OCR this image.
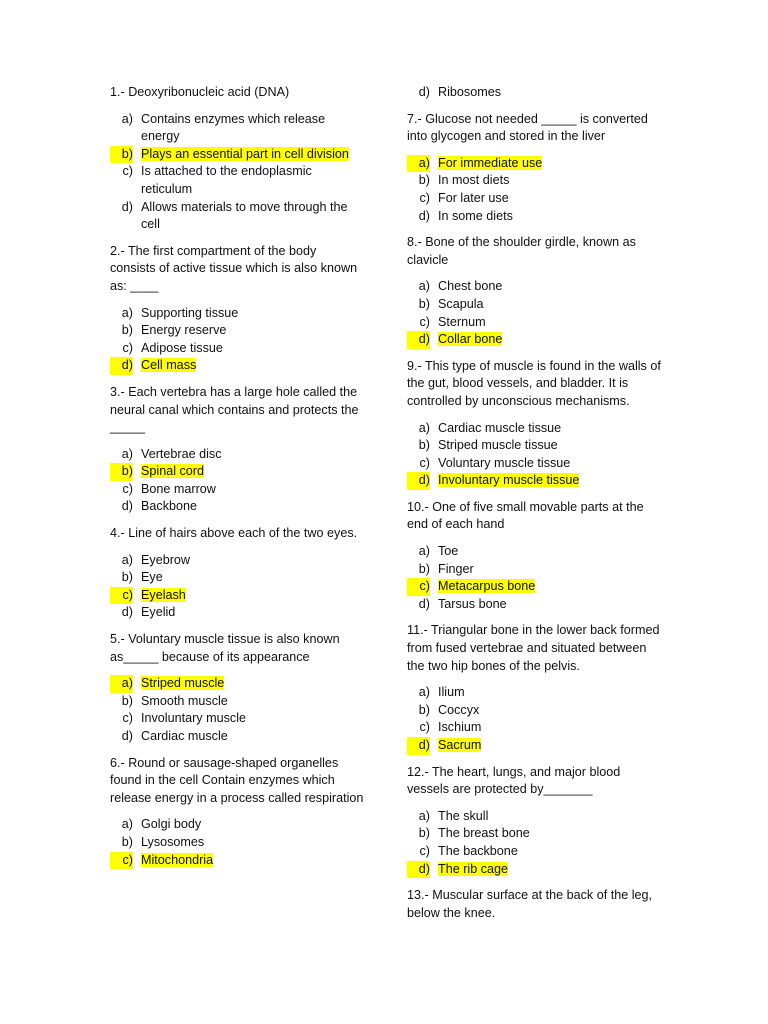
1.- Deoxyribonucleic acid (DNA)

a) Contains enzymes which release energy
b) Plays an essential part in cell division
c) Is attached to the endoplasmic reticulum
d) Allows materials to move through the cell

2.- The first compartment of the body consists of active tissue which is also known as: ____

a) Supporting tissue
b) Energy reserve
c) Adipose tissue
d) Cell mass

3.- Each vertebra has a large hole called the neural canal which contains and protects the _____

a) Vertebrae disc
b) Spinal cord
c) Bone marrow
d) Backbone

4.- Line of hairs above each of the two eyes.

a) Eyebrow
b) Eye
c) Eyelash
d) Eyelid

5.- Voluntary muscle tissue is also known as_____ because of its appearance

a) Striped muscle
b) Smooth muscle
c) Involuntary muscle
d) Cardiac muscle

6.- Round or sausage-shaped organelles found in the cell Contain enzymes which release energy in a process called respiration

a) Golgi body
b) Lysosomes
c) Mitochondria
d) Ribosomes

7.- Glucose not needed _____ is converted into glycogen and stored in the liver

a) For immediate use
b) In most diets
c) For later use
d) In some diets

8.- Bone of the shoulder girdle, known as clavicle

a) Chest bone
b) Scapula
c) Sternum
d) Collar bone

9.- This type of muscle is found in the walls of the gut, blood vessels, and bladder. It is controlled by unconscious mechanisms.

a) Cardiac muscle tissue
b) Striped muscle tissue
c) Voluntary muscle tissue
d) Involuntary muscle tissue

10.- One of five small movable parts at the end of each hand

a) Toe
b) Finger
c) Metacarpus bone
d) Tarsus bone

11.- Triangular bone in the lower back formed from fused vertebrae and situated between the two hip bones of the pelvis.

a) Ilium
b) Coccyx
c) Ischium
d) Sacrum

12.- The heart, lungs, and major blood vessels are protected by_______

a) The skull
b) The breast bone
c) The backbone
d) The rib cage

13.- Muscular surface at the back of the leg, below the knee.
